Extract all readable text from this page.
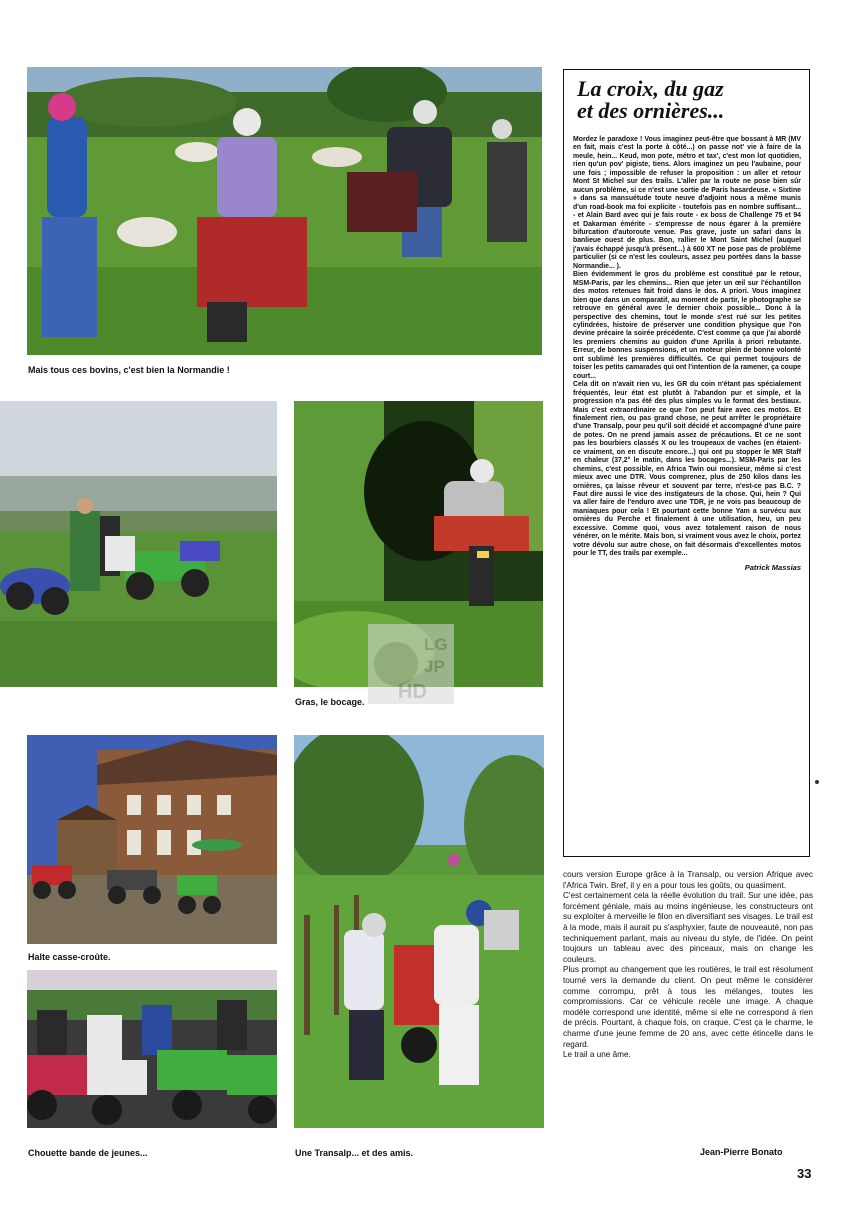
Mais tous ces bovins, c'est bien la Normandie !
Gras, le bocage.
LG
JP
HD
Halte casse-croûte.
Chouette bande de jeunes...	Une Transalp... et des amis.
La croix, du gaz
et des ornières...

Mordez le paradoxe ! Vous imaginez peut-être que bossant à MR (MV en fait, mais c'est la porte à côté...) on passe not' vie à faire de la meule, hein... Keud, mon pote, métro et tax', c'est mon lot quotidien, rien qu'un pov' pigiste, tiens. Alors imaginez un peu l'aubaine, pour une fois ; impossible de refuser la proposition : un aller et retour Mont St Michel sur des trails. L'aller par la route ne pose bien sûr aucun problème, si ce n'est une sortie de Paris hasardeuse. « Sixtine » dans sa mansuétude toute neuve d'adjoint nous a même munis d'un road-book ma foi explicite - toutefois pas en nombre suffisant... - et Alain Bard avec qui je fais route - ex boss de Challenge 75 et 94 et Dakarman émérite - s'empresse de nous égarer à la première bifurcation d'autoroute venue. Pas grave, juste un safari dans la banlieue ouest de plus. Bon, rallier le Mont Saint Michel (auquel j'avais échappé jusqu'à présent...) à 600 XT ne pose pas de problème particulier (si ce n'est les couleurs, assez peu portées dans la basse Normandie... ).

Bien évidemment le gros du problème est constitué par le retour, MSM-Paris, par les chemins... Rien que jeter un œil sur l'échantillon des motos retenues fait froid dans le dos. A priori. Vous imaginez bien que dans un comparatif, au moment de partir, le photographe se retrouve en général avec le dernier choix possible... Donc à la perspective des chemins, tout le monde s'est rué sur les petites cylindrées, histoire de préserver une condition physique que l'on devine précaire la soirée précédente. C'est comme ça que j'ai abordé les premiers chemins au guidon d'une Aprilia à priori rebutante. Erreur, de bonnes suspensions, et un moteur plein de bonne volonté ont sublimé les premières difficultés. Ce qui permet toujours de toiser les petits camarades qui ont l'intention de la ramener, ça coupe court...

Cela dit on n'avait rien vu, les GR du coin n'étant pas spécialement fréquentés, leur état est plutôt à l'abandon pur et simple, et la progression n'a pas été des plus simples vu le format des bestiaux. Mais c'est extraordinaire ce que l'on peut faire avec ces motos. Et finalement rien, ou pas grand chose, ne peut arrêter le propriétaire d'une Transalp, pour peu qu'il soit décidé et accompagné d'une paire de potes. On ne prend jamais assez de précautions. Et ce ne sont pas les bourbiers classés X ou les troupeaux de vaches (en étaient-ce vraiment, on en discute encore...) qui ont pu stopper le MR Staff en chaleur (37,2° le matin, dans les bocages...). MSM-Paris par les chemins, c'est possible, en Africa Twin oui monsieur, même si c'est mieux avec une DTR. Vous comprenez, plus de 250 kilos dans les ornières, ça laisse rêveur et souvent par terre, n'est-ce pas B.C. ? Faut dire aussi le vice des instigateurs de la chose. Qui, hein ? Qui va aller faire de l'enduro avec une TDR, je ne vois pas beaucoup de maniaques pour cela ! Et pourtant cette bonne Yam a survécu aux ornières du Perche et finalement à une utilisation, heu, un peu excessive. Comme quoi, vous avez totalement raison de nous vénérer, on le mérite. Mais bon, si vraiment vous avez le choix, portez votre dévolu sur autre chose, on fait désormais d'excellentes motos pour le TT, des trails par exemple...

Patrick Massias

cours version Europe grâce à la Transalp, ou version Afrique avec l'Africa Twin. Bref, il y en a pour tous les goûts, ou quasiment.

C'est certainement cela la réelle évolution du trail. Sur une idée, pas forcément géniale, mais au moins ingénieuse, les constructeurs ont su exploiter à merveille le filon en diversifiant ses visages. Le trail est à la mode, mais il aurait pu s'asphyxier, faute de nouveauté, non pas techniquement parlant, mais au niveau du style, de l'idée. On peint toujours un tableau avec des pinceaux, mais on change les couleurs.

Plus prompt au changement que les routières, le trail est résolument tourné vers la demande du client. On peut même le considérer comme corrompu, prêt à tous les mélanges, toutes les compromissions. Car ce véhicule recèle une image. A chaque modèle correspond une identité, même si elle ne correspond à rien de précis. Pourtant, à chaque fois, on craque. C'est ça le charme, le charme d'une jeune femme de 20 ans, avec cette étincelle dans le regard.

Le trail a une âme.

Jean-Pierre Bonato
33
